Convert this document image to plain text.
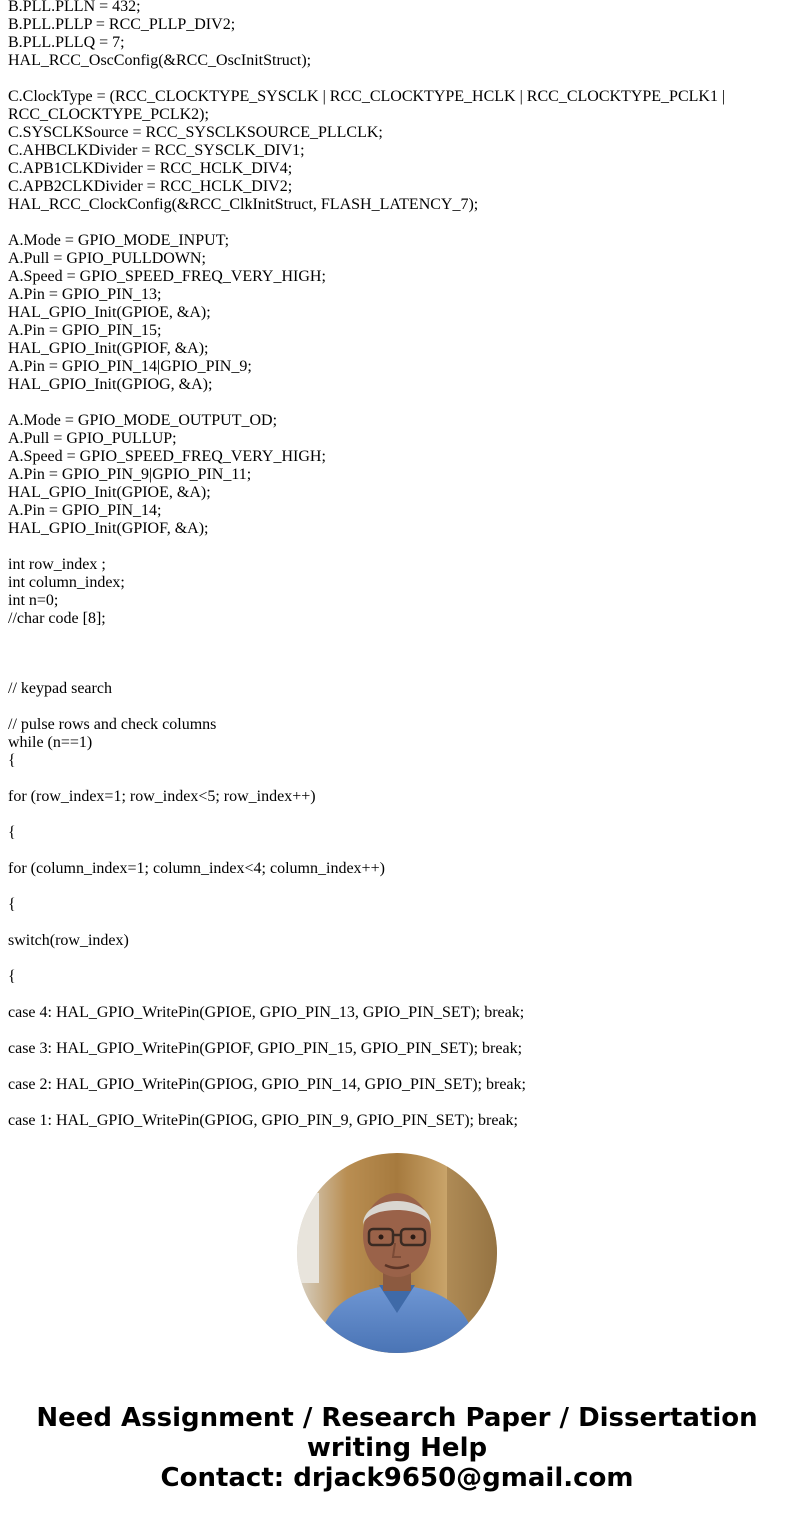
B.PLL.PLLN = 432;
B.PLL.PLLP = RCC_PLLP_DIV2;
B.PLL.PLLQ = 7;
HAL_RCC_OscConfig(&RCC_OscInitStruct);
C.ClockType = (RCC_CLOCKTYPE_SYSCLK | RCC_CLOCKTYPE_HCLK | RCC_CLOCKTYPE_PCLK1 | RCC_CLOCKTYPE_PCLK2);
C.SYSCLKSource = RCC_SYSCLKSOURCE_PLLCLK;
C.AHBCLKDivider = RCC_SYSCLK_DIV1;
C.APB1CLKDivider = RCC_HCLK_DIV4;
C.APB2CLKDivider = RCC_HCLK_DIV2;
HAL_RCC_ClockConfig(&RCC_ClkInitStruct, FLASH_LATENCY_7);
A.Mode = GPIO_MODE_INPUT;
A.Pull = GPIO_PULLDOWN;
A.Speed = GPIO_SPEED_FREQ_VERY_HIGH;
A.Pin = GPIO_PIN_13;
HAL_GPIO_Init(GPIOE, &A);
A.Pin = GPIO_PIN_15;
HAL_GPIO_Init(GPIOF, &A);
A.Pin = GPIO_PIN_14|GPIO_PIN_9;
HAL_GPIO_Init(GPIOG, &A);
A.Mode = GPIO_MODE_OUTPUT_OD;
A.Pull = GPIO_PULLUP;
A.Speed = GPIO_SPEED_FREQ_VERY_HIGH;
A.Pin = GPIO_PIN_9|GPIO_PIN_11;
HAL_GPIO_Init(GPIOE, &A);
A.Pin = GPIO_PIN_14;
HAL_GPIO_Init(GPIOF, &A);
int row_index ;
int column_index;
int n=0;
//char code [8];
// keypad search
// pulse rows and check columns
while (n==1)
{
for (row_index=1; row_index<5; row_index++)
{
for (column_index=1; column_index<4; column_index++)
{
switch(row_index)
{
case 4: HAL_GPIO_WritePin(GPIOE, GPIO_PIN_13, GPIO_PIN_SET); break;
case 3: HAL_GPIO_WritePin(GPIOF, GPIO_PIN_15, GPIO_PIN_SET); break;
case 2: HAL_GPIO_WritePin(GPIOG, GPIO_PIN_14, GPIO_PIN_SET); break;
case 1: HAL_GPIO_WritePin(GPIOG, GPIO_PIN_9, GPIO_PIN_SET); break;
Need Assignment / Research Paper / Dissertation
writing Help
Contact: drjack9650@gmail.com
